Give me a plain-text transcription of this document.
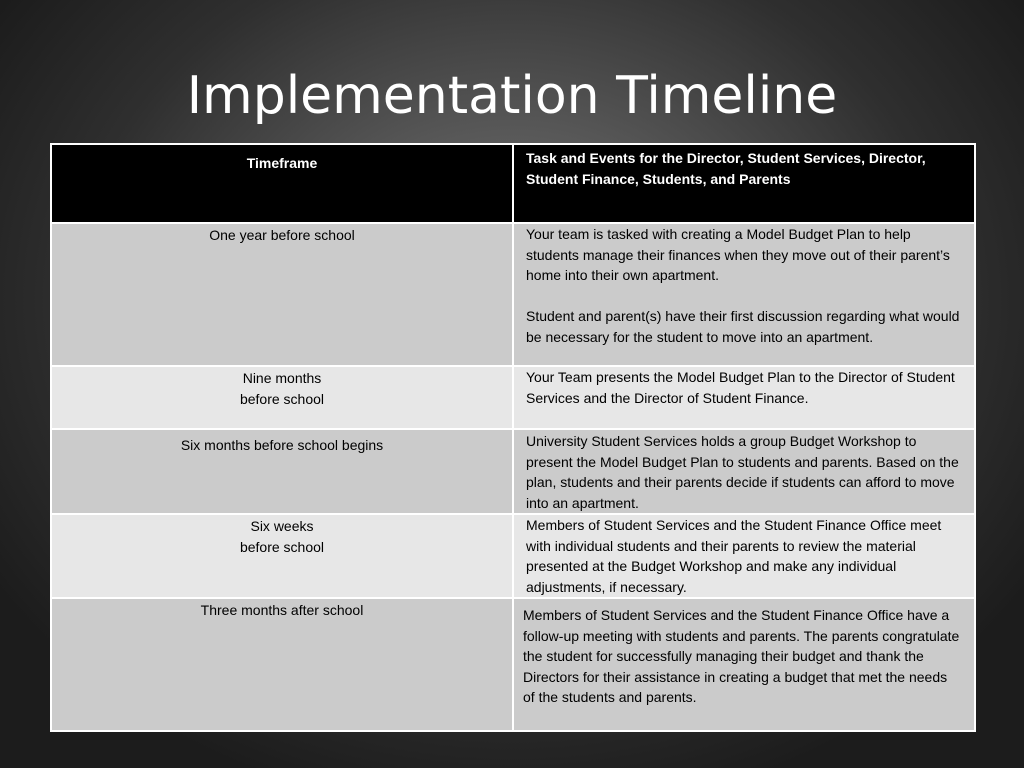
Implementation Timeline
Timeframe	Task and Events for the Director, Student Services, Director, Student Finance, Students, and Parents

One year before school	Your team is tasked with creating a Model Budget Plan to help students manage their finances when they move out of their parent’s home into their own apartment.

Student and parent(s) have their first discussion regarding what would be necessary for the student to move into an apartment.

Nine months
before school	Your Team presents the Model Budget Plan to the Director of Student Services and the Director of Student Finance.

Six months before school begins	University Student Services holds a group Budget Workshop to present the Model Budget Plan to students and parents. Based on the plan, students and their parents decide if students can afford to move into an apartment.

Six weeks
before school	Members of Student Services and the Student Finance Office meet with individual students and their parents to review the material presented at the Budget Workshop and make any individual adjustments, if necessary.

Three months after school	Members of Student Services and the Student Finance Office have a follow-up meeting with students and parents. The parents congratulate the student for successfully managing their budget and thank the Directors for their assistance in creating a budget that met the needs of the students and parents.
